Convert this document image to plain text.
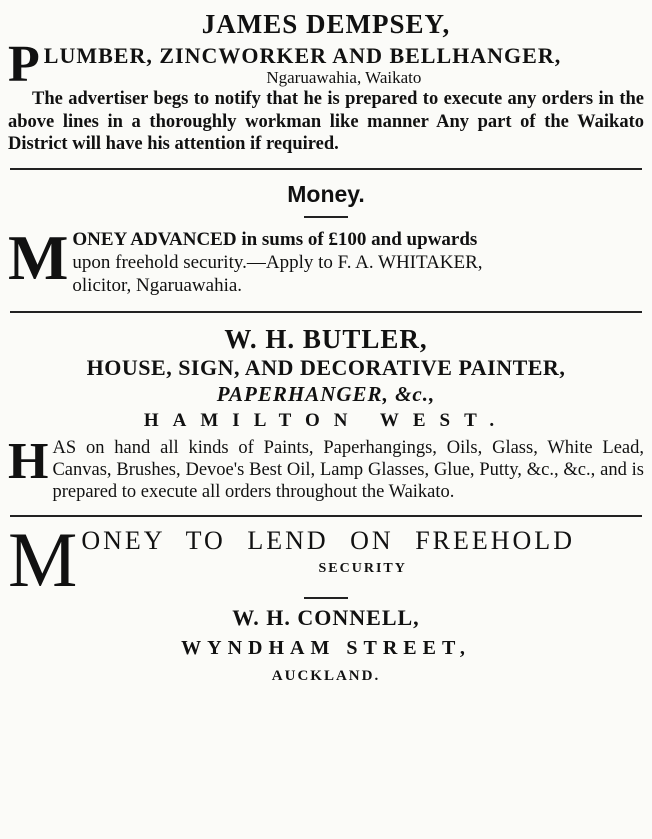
JAMES DEMPSEY,
P LUMBER, ZINCWORKER AND BELLHANGER,
Ngaruawahia, Waikato

The advertiser begs to notify that he is prepared to execute any orders in the above lines in a thoroughly workman like manner Any part of the Waikato District will have his attention if required.

Money.
M ONEY ADVANCED in sums of £100 and upwards
upon freehold security.—Apply to F. A. WHITAKER,
olicitor, Ngaruawahia.
W. H. BUTLER,
HOUSE, SIGN, AND DECORATIVE PAINTER,
PAPERHANGER, &c.,
HAMILTON WEST.
H AS on hand all kinds of Paints, Paperhangings, Oils, Glass, White Lead, Canvas, Brushes, Devoe's Best Oil, Lamp Glasses, Glue, Putty, &c., &c., and is prepared to execute all orders throughout the Waikato.

M ONEY TO LEND ON FREEHOLD
SECURITY
W. H. CONNELL,
WYNDHAM STREET,
AUCKLAND.
